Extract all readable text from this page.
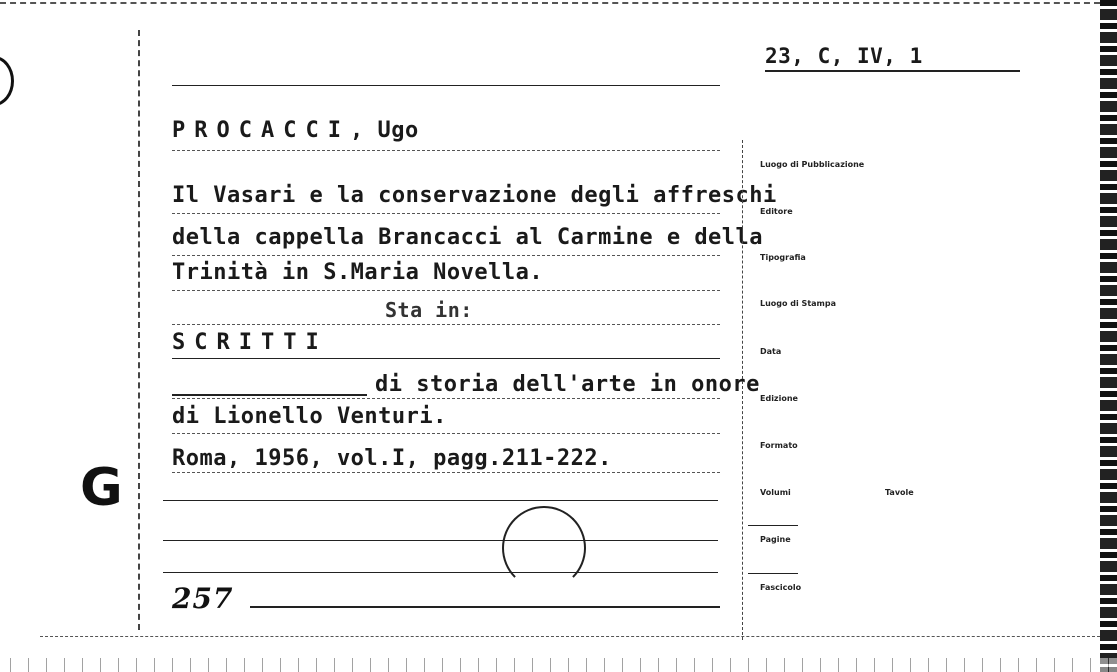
G
23, C, IV, 1
PROCACCI, Ugo
Il Vasari e la conservazione degli affreschi
della cappella Brancacci al Carmine e della
Trinità in S.Maria Novella.
Sta in:
SCRITTI
di storia dell'arte in onore
di Lionello Venturi.
Roma, 1956, vol.I, pagg.211-222.
257
Luogo di Pubblicazione
Editore
Tipografia
Luogo di Stampa
Data
Edizione
Formato
Volumi	Tavole
Pagine
Fascicolo
